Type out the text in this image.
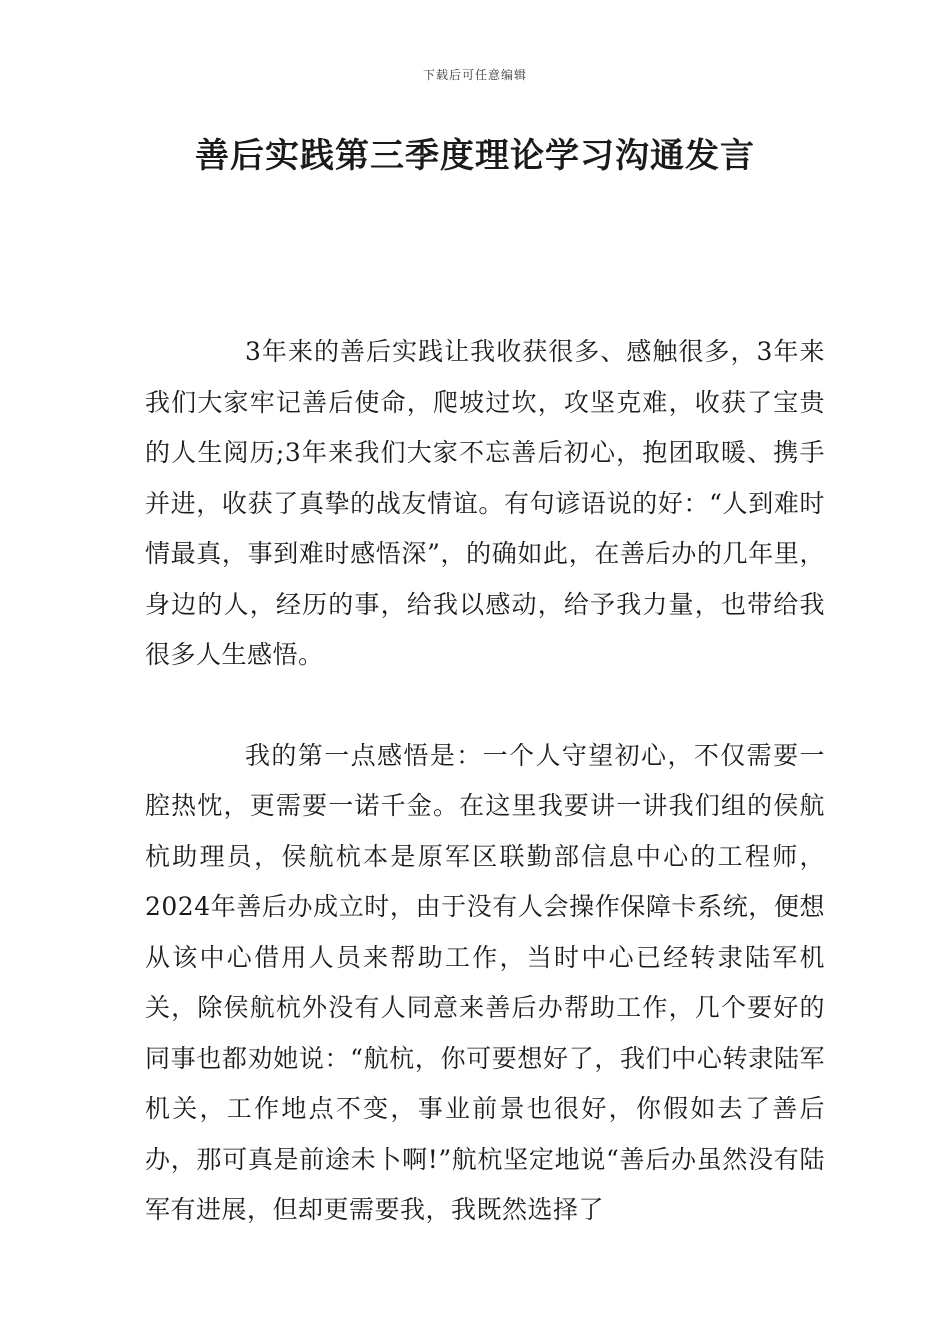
下载后可任意编辑
善后实践第三季度理论学习沟通发言

3年来的善后实践让我收获很多、感触很多，3年来我们大家牢记善后使命，爬坡过坎，攻坚克难，收获了宝贵的人生阅历;3年来我们大家不忘善后初心，抱团取暖、携手并进，收获了真挚的战友情谊。有句谚语说的好：“人到难时情最真，事到难时感悟深”，的确如此，在善后办的几年里，身边的人，经历的事，给我以感动，给予我力量，也带给我很多人生感悟。

我的第一点感悟是：一个人守望初心，不仅需要一腔热忱，更需要一诺千金。在这里我要讲一讲我们组的侯航杭助理员，侯航杭本是原军区联勤部信息中心的工程师，2024年善后办成立时，由于没有人会操作保障卡系统，便想从该中心借用人员来帮助工作，当时中心已经转隶陆军机关，除侯航杭外没有人同意来善后办帮助工作，几个要好的同事也都劝她说：“航杭，你可要想好了，我们中心转隶陆军机关，工作地点不变，事业前景也很好，你假如去了善后办，那可真是前途未卜啊!”航杭坚定地说“善后办虽然没有陆军有进展，但却更需要我，我既然选择了
